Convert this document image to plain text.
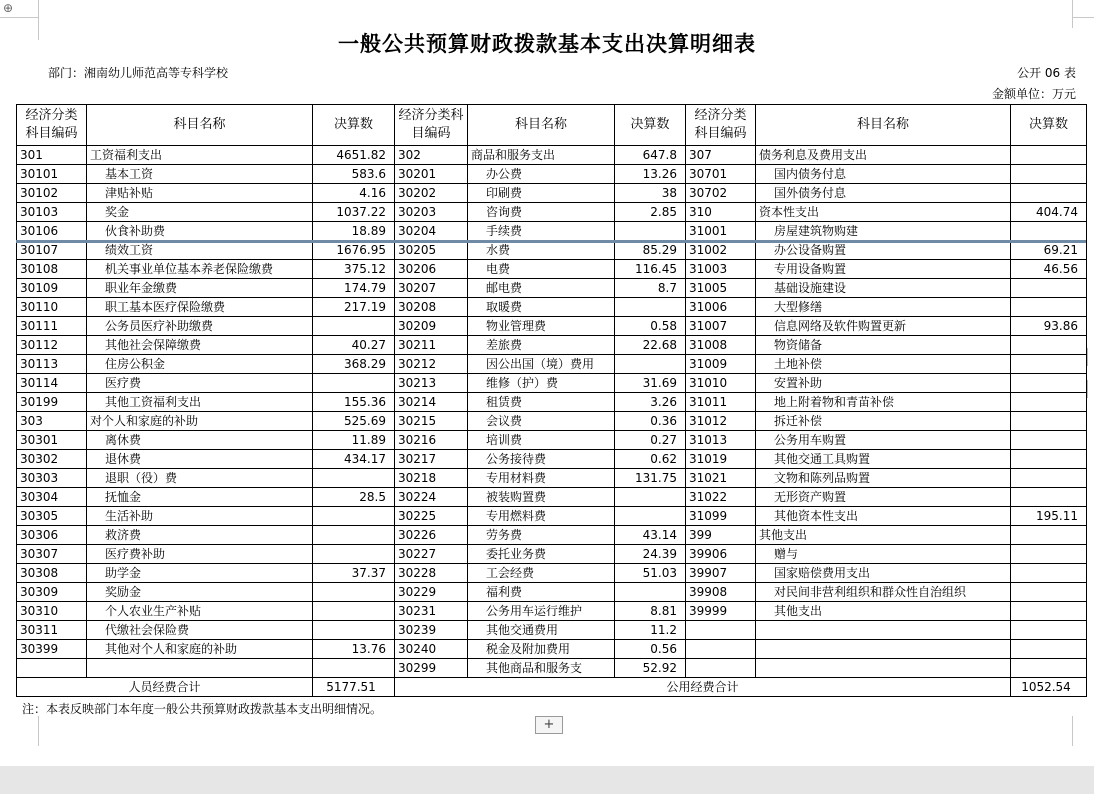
⊕
一般公共预算财政拨款基本支出决算明细表
部门：湘南幼儿师范高等专科学校	公开 06 表
金额单位：万元
经济分类科目编码	科目名称	决算数	经济分类科目编码	科目名称	决算数	经济分类科目编码	科目名称	决算数
301	工资福利支出	4651.82	302	商品和服务支出	647.8	307	债务利息及费用支出	
30101	基本工资	583.6	30201	办公费	13.26	30701	国内债务付息	
30102	津贴补贴	4.16	30202	印刷费	38	30702	国外债务付息	
30103	奖金	1037.22	30203	咨询费	2.85	310	资本性支出	404.74
30106	伙食补助费	18.89	30204	手续费		31001	房屋建筑物购建	
30107	绩效工资	1676.95	30205	水费	85.29	31002	办公设备购置	69.21
30108	机关事业单位基本养老保险缴费	375.12	30206	电费	116.45	31003	专用设备购置	46.56
30109	职业年金缴费	174.79	30207	邮电费	8.7	31005	基础设施建设	
30110	职工基本医疗保险缴费	217.19	30208	取暖费		31006	大型修缮	
30111	公务员医疗补助缴费		30209	物业管理费	0.58	31007	信息网络及软件购置更新	93.86
30112	其他社会保障缴费	40.27	30211	差旅费	22.68	31008	物资储备	
30113	住房公积金	368.29	30212	因公出国（境）费用		31009	土地补偿	
30114	医疗费		30213	维修（护）费	31.69	31010	安置补助	
30199	其他工资福利支出	155.36	30214	租赁费	3.26	31011	地上附着物和青苗补偿	
303	对个人和家庭的补助	525.69	30215	会议费	0.36	31012	拆迁补偿	
30301	离休费	11.89	30216	培训费	0.27	31013	公务用车购置	
30302	退休费	434.17	30217	公务接待费	0.62	31019	其他交通工具购置	
30303	退职（役）费		30218	专用材料费	131.75	31021	文物和陈列品购置	
30304	抚恤金	28.5	30224	被装购置费		31022	无形资产购置	
30305	生活补助		30225	专用燃料费		31099	其他资本性支出	195.11
30306	救济费		30226	劳务费	43.14	399	其他支出	
30307	医疗费补助		30227	委托业务费	24.39	39906	赠与	
30308	助学金	37.37	30228	工会经费	51.03	39907	国家赔偿费用支出	
30309	奖励金		30229	福利费		39908	对民间非营利组织和群众性自治组织	
30310	个人农业生产补贴		30231	公务用车运行维护	8.81	39999	其他支出	
30311	代缴社会保险费		30239	其他交通费用	11.2			
30399	其他对个人和家庭的补助	13.76	30240	税金及附加费用	0.56			
			30299	其他商品和服务支	52.92			
人员经费合计		5177.51	公用经费合计					1052.54
注：本表反映部门本年度一般公共预算财政拨款基本支出明细情况。
+
